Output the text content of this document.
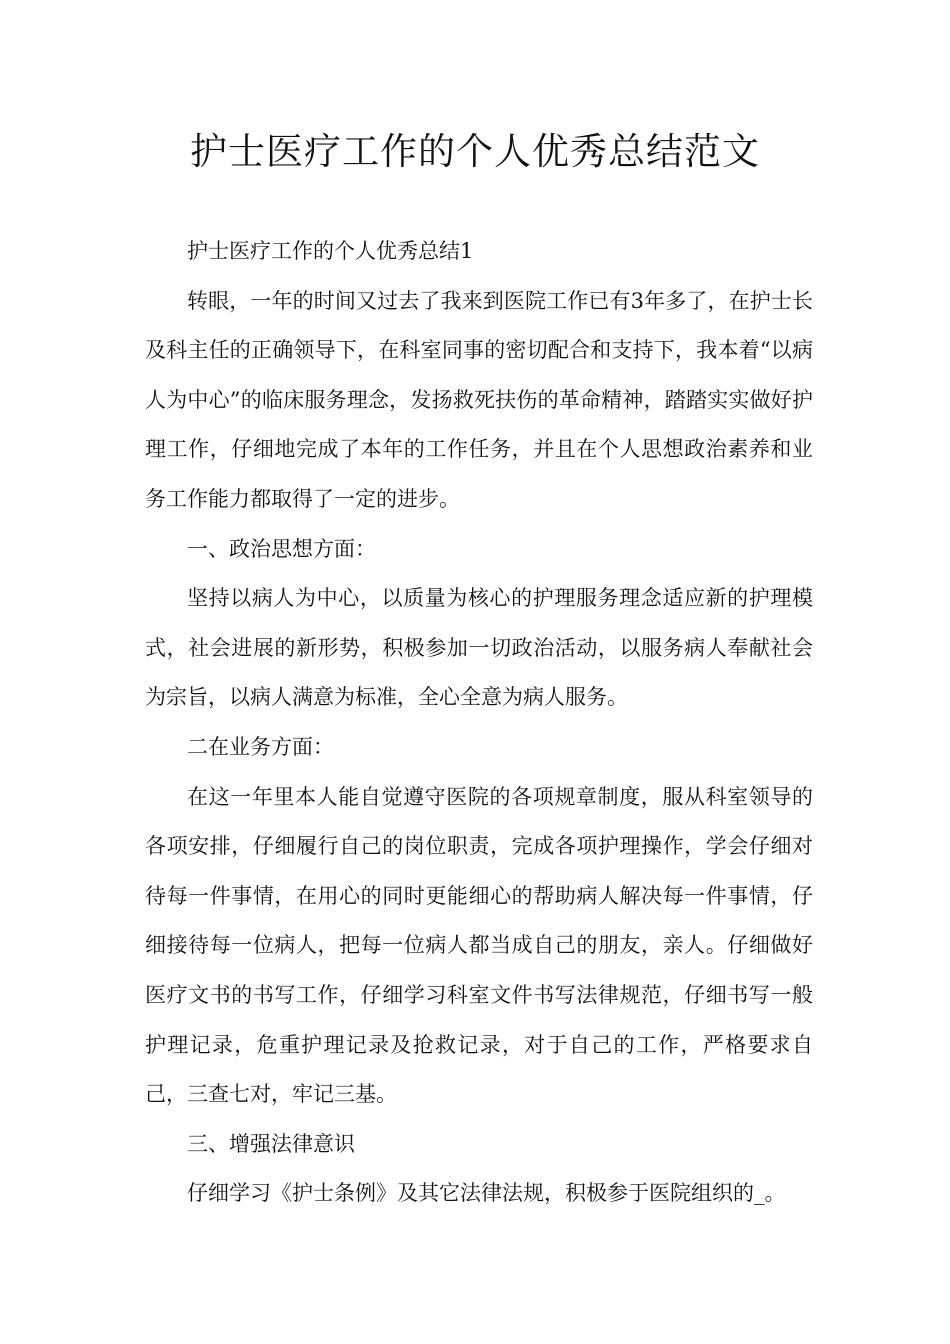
护士医疗工作的个人优秀总结范文

护士医疗工作的个人优秀总结1

转眼，一年的时间又过去了我来到医院工作已有3年多了，在护士长及科主任的正确领导下，在科室同事的密切配合和支持下，我本着“以病人为中心”的临床服务理念，发扬救死扶伤的革命精神，踏踏实实做好护理工作，仔细地完成了本年的工作任务，并且在个人思想政治素养和业务工作能力都取得了一定的进步。

一、政治思想方面：

坚持以病人为中心，以质量为核心的护理服务理念适应新的护理模式，社会进展的新形势，积极参加一切政治活动，以服务病人奉献社会为宗旨，以病人满意为标准，全心全意为病人服务。

二在业务方面：

在这一年里本人能自觉遵守医院的各项规章制度，服从科室领导的各项安排，仔细履行自己的岗位职责，完成各项护理操作，学会仔细对待每一件事情，在用心的同时更能细心的帮助病人解决每一件事情，仔细接待每一位病人，把每一位病人都当成自己的朋友，亲人。仔细做好医疗文书的书写工作，仔细学习科室文件书写法律规范，仔细书写一般护理记录，危重护理记录及抢救记录，对于自己的工作，严格要求自己，三查七对，牢记三基。

三、增强法律意识

仔细学习《护士条例》及其它法律法规，积极参于医院组织的_。
